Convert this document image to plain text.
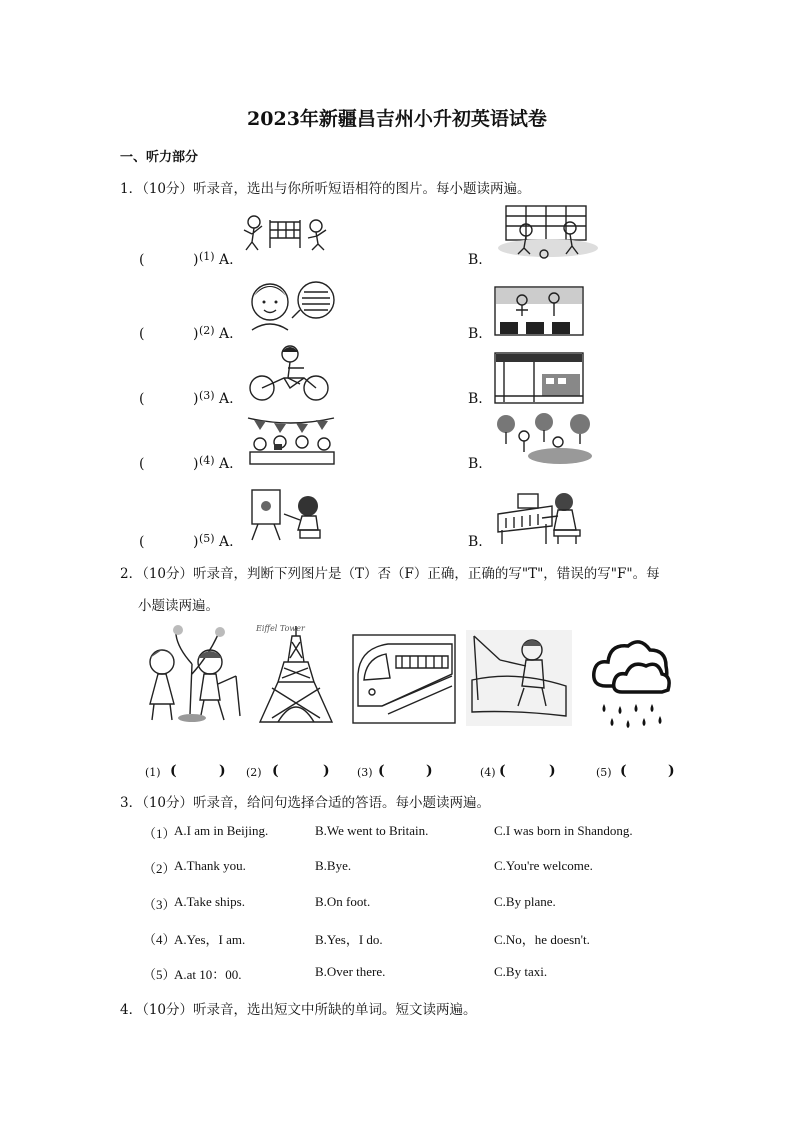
2023年新疆昌吉州小升初英语试卷
一、听力部分
1．（10分）听录音，选出与你所听短语相符的图片。每小题读两遍。
(	) (1) A.	B.
(	) (2) A.	B.
(	) (3) A.	B.
(	) (4) A.	B.
(	) (5) A.	B.
2．（10分）听录音，判断下列图片是（T）否（F）正确，正确的写"T"，错误的写"F"。每
小题读两遍。
Eiffel Tower
(1) (	) (2) (	) (3) (	)	(4) (	)	(5) (	)
3．（10分）听录音，给问句选择合适的答语。每小题读两遍。
（1）
A.I am in Beijing.	B.We went to Britain.	C.I was born in Shandong.
（2）
A.Thank you.	B.Bye.	C.You're welcome.
（3）
A.Take ships.	B.On foot.	C.By plane.
（4）
A.Yes，I am.	B.Yes，I do.	C.No，he doesn't.
（5）
A.at 10：00.	B.Over there.	C.By taxi.
4．（10分）听录音，选出短文中所缺的单词。短文读两遍。
